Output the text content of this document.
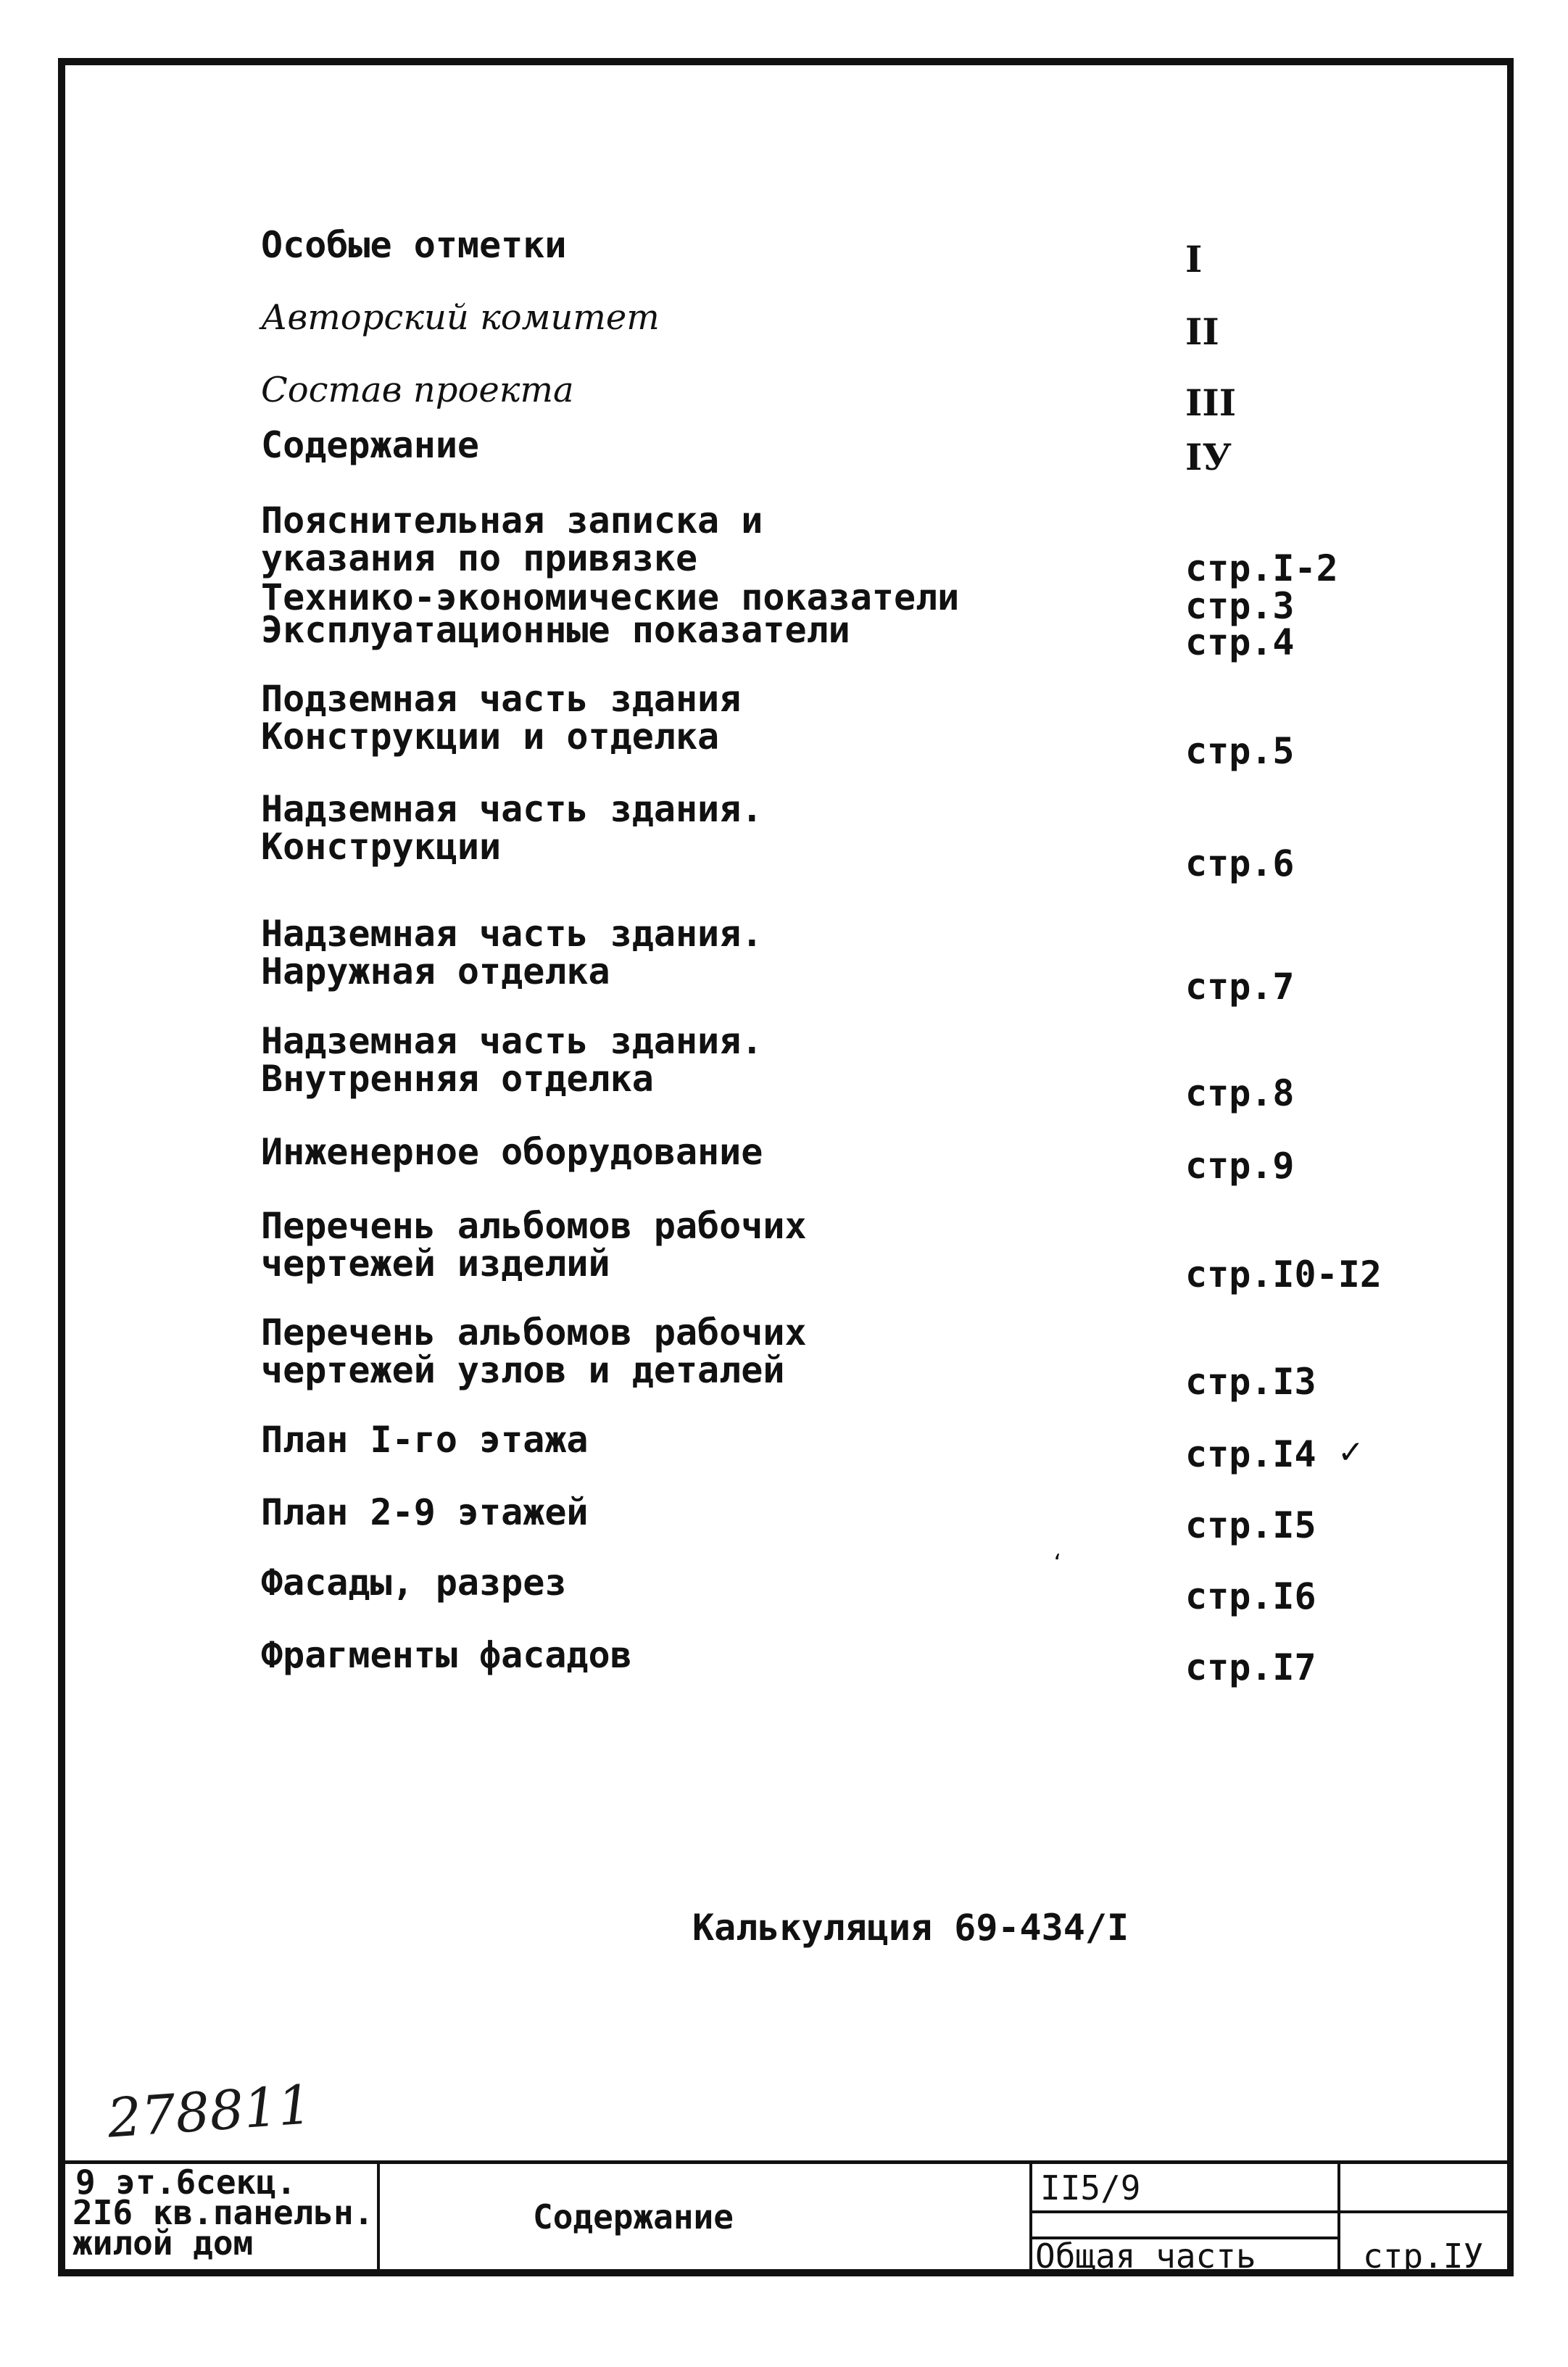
Особые отметки	I
Авторский комитет	II
Состав проекта	III
Содержание	IУ
Пояснительная записка и
указания по привязке	стр.I-2
Технико-экономические показатели	стр.3
Эксплуатационные показатели	стр.4
Подземная часть здания
Конструкции и отделка	стр.5
Надземная часть здания.
Конструкции	стр.6
Надземная часть здания.
Наружная отделка	стр.7
Надземная часть здания.
Внутренняя отделка	стр.8
Инженерное оборудование	стр.9
Перечень альбомов рабочих
чертежей изделий	стр.I0-I2
Перечень альбомов рабочих
чертежей узлов и деталей	стр.I3
План I-го этажа	стр.I4 ✓
План 2-9 этажей	стр.I5
Фасады, разрез	стр.I6
‘
Фрагменты фасадов	стр.I7
Калькуляция 69-434/I
278811
9 эт.6секц.
2I6 кв.панельн.
жилой дом
Содержание
II5/9
Общая часть	стр.IУ
